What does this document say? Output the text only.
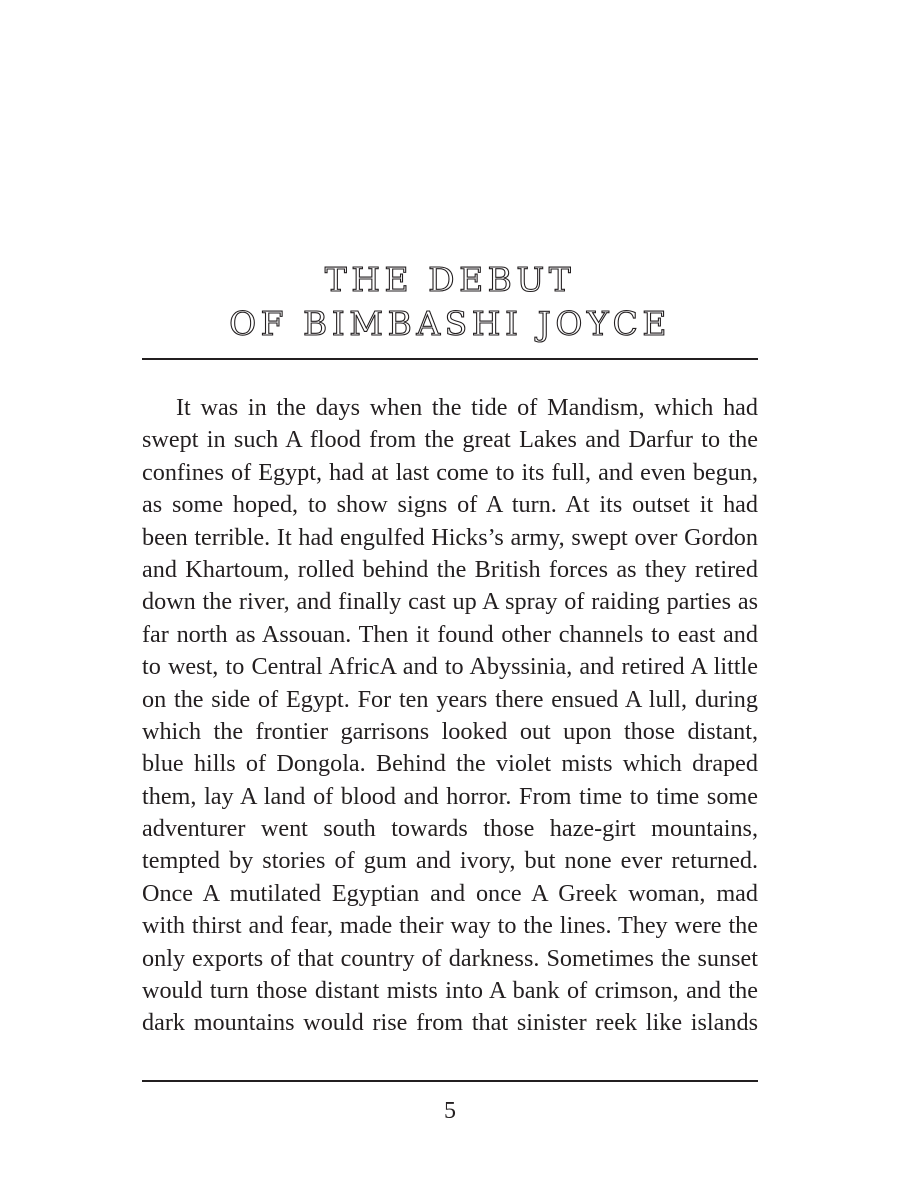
THE DEBUT
OF BIMBASHI JOYCE
It was in the days when the tide of Mandism, which had
swept in such A flood from the great Lakes and Darfur to the
confines of Egypt, had at last come to its full, and even begun,
as some hoped, to show signs of A turn. At its outset it had
been terrible. It had engulfed Hicks’s army, swept over Gordon
and Khartoum, rolled behind the British forces as they retired
down the river, and finally cast up A spray of raiding parties as
far north as Assouan. Then it found other channels to east and
to west, to Central AfricA and to Abyssinia, and retired A little
on the side of Egypt. For ten years there ensued A lull, during
which the frontier garrisons looked out upon those distant,
blue hills of Dongola. Behind the violet mists which draped
them, lay A land of blood and horror. From time to time some
adventurer went south towards those haze-girt mountains,
tempted by stories of gum and ivory, but none ever returned.
Once A mutilated Egyptian and once A Greek woman, mad
with thirst and fear, made their way to the lines. They were the
only exports of that country of darkness. Sometimes the sunset
would turn those distant mists into A bank of crimson, and the
dark mountains would rise from that sinister reek like islands
5
